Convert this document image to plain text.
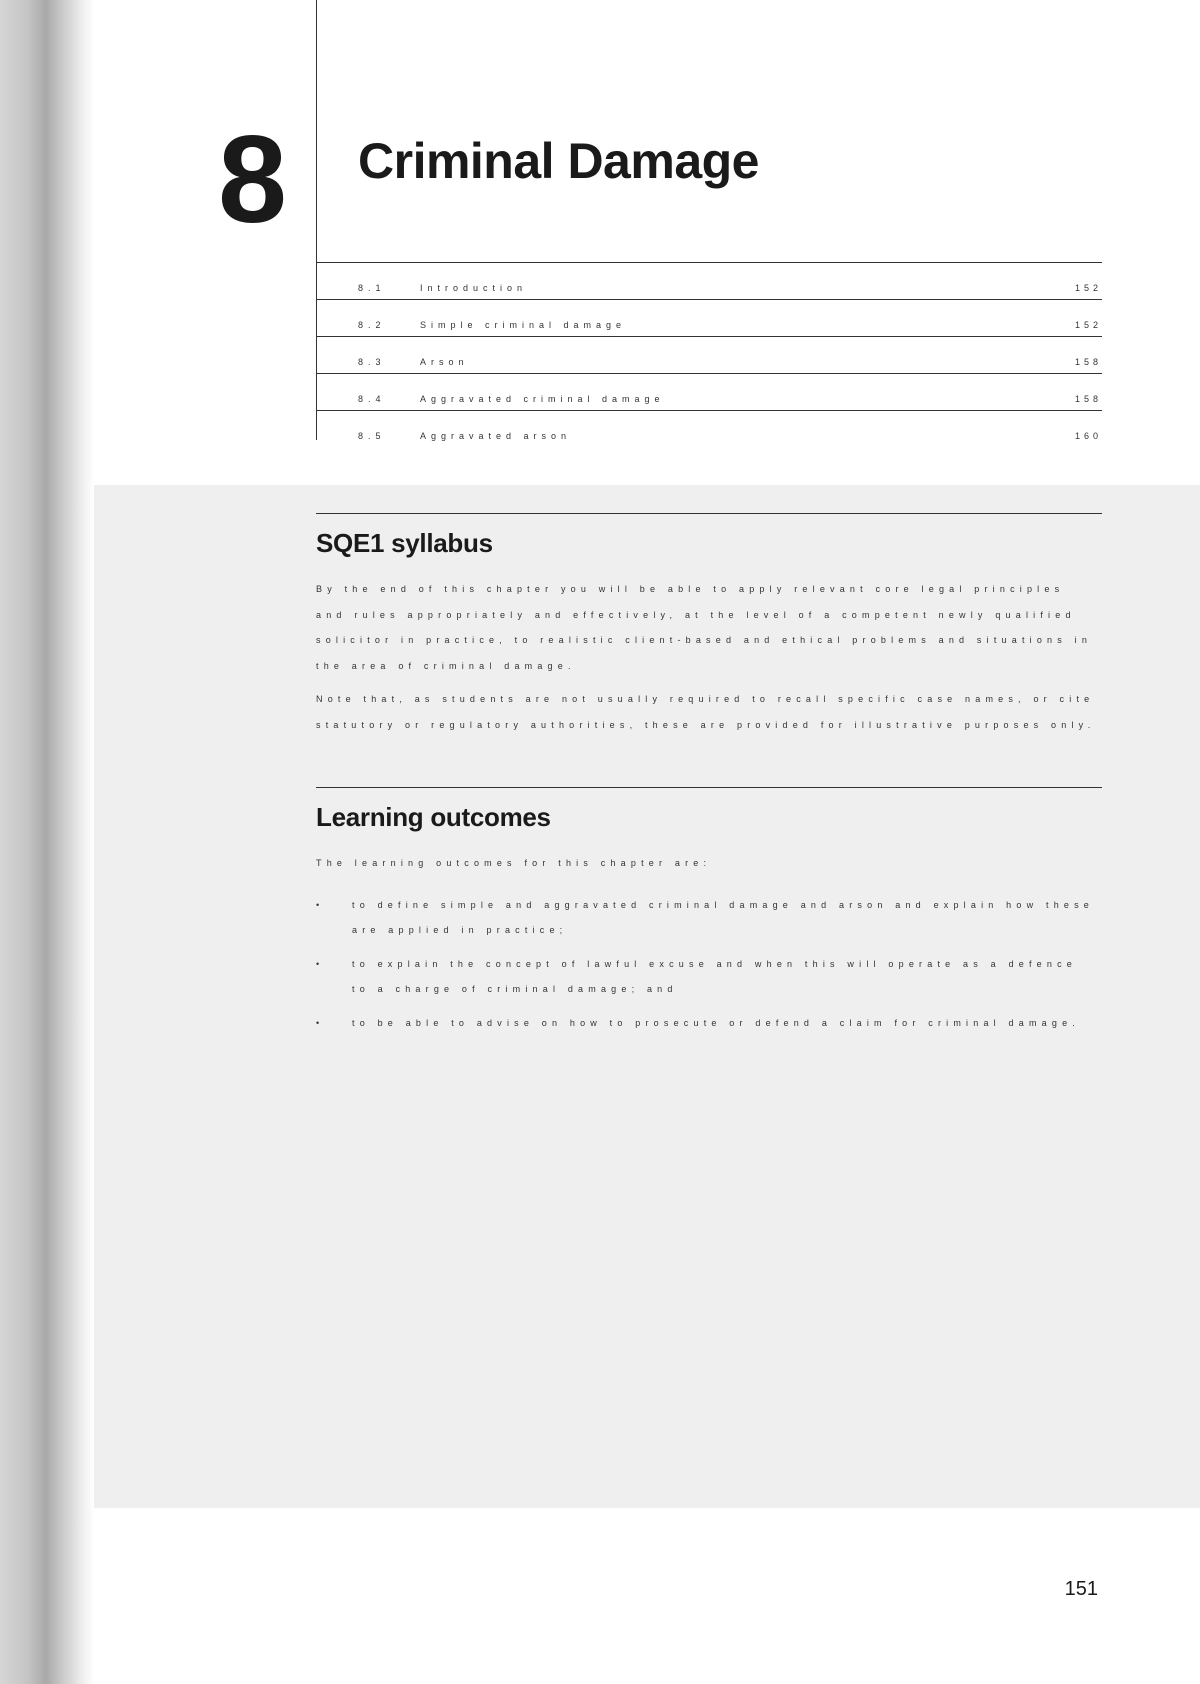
8 Criminal Damage
8.1	Introduction	152
8.2	Simple criminal damage	152
8.3	Arson	158
8.4	Aggravated criminal damage	158
8.5	Aggravated arson	160
SQE1 syllabus

By the end of this chapter you will be able to apply relevant core legal principles and rules appropriately and effectively, at the level of a competent newly qualified solicitor in practice, to realistic client-based and ethical problems and situations in the area of criminal damage.

Note that, as students are not usually required to recall specific case names, or cite statutory or regulatory authorities, these are provided for illustrative purposes only.

Learning outcomes

The learning outcomes for this chapter are:

•	to define simple and aggravated criminal damage and arson and explain how these are applied in practice;
•	to explain the concept of lawful excuse and when this will operate as a defence to a charge of criminal damage; and
•	to be able to advise on how to prosecute or defend a claim for criminal damage.
151
